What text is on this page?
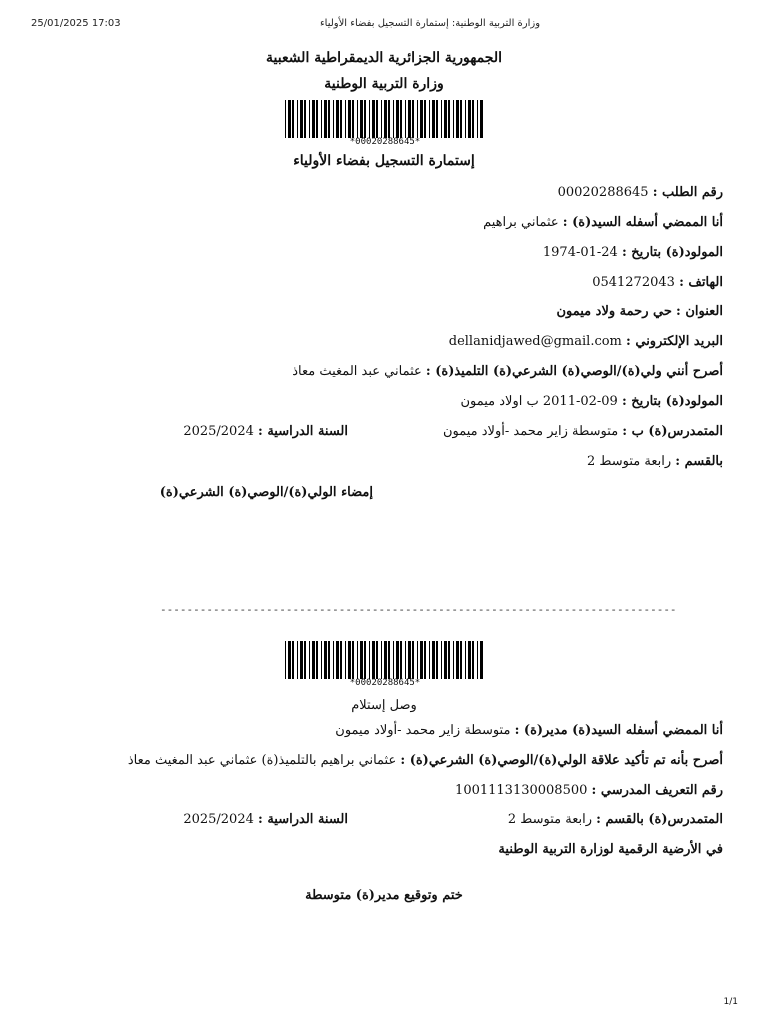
25/01/2025 17:03	وزارة التربية الوطنية: إستمارة التسجيل بفضاء الأولياء
الجمهورية الجزائرية الديمقراطية الشعبية
وزارة التربية الوطنية
*00020288645*
إستمارة التسجيل بفضاء الأولياء
رقم الطلب : 00020288645
أنا الممضي أسفله السيد(ة) : عثماني براهيم
المولود(ة) بتاريخ : 1974-01-24
الهاتف : 0541272043
العنوان : حي رحمة ولاد ميمون
البريد الإلكتروني : dellanidjawed@gmail.com
أصرح أنني ولي(ة)/الوصي(ة) الشرعي(ة) التلميذ(ة) : عثماني عبد المغيث معاذ
المولود(ة) بتاريخ : 2011-02-09 ب اولاد ميمون
المتمدرس(ة) ب : متوسطة زاير محمد -أولاد ميمون
السنة الدراسية : 2025/2024
بالقسم : رابعة متوسط 2
إمضاء الولي(ة)/الوصي(ة) الشرعي(ة)
------------------------------------------------------------------------------
*00020288645*
وصل إستلام
أنا الممضي أسفله السيد(ة) مدير(ة) : متوسطة زاير محمد -أولاد ميمون
أصرح بأنه تم تأكيد علاقة الولي(ة)/الوصي(ة) الشرعي(ة) : عثماني براهيم بالتلميذ(ة) عثماني عبد المغيث معاذ
رقم التعريف المدرسي : 1001113130008500
المتمدرس(ة) بالقسم : رابعة متوسط 2
السنة الدراسية : 2025/2024
في الأرضية الرقمية لوزارة التربية الوطنية
ختم وتوقيع مدير(ة) متوسطة
1/1
